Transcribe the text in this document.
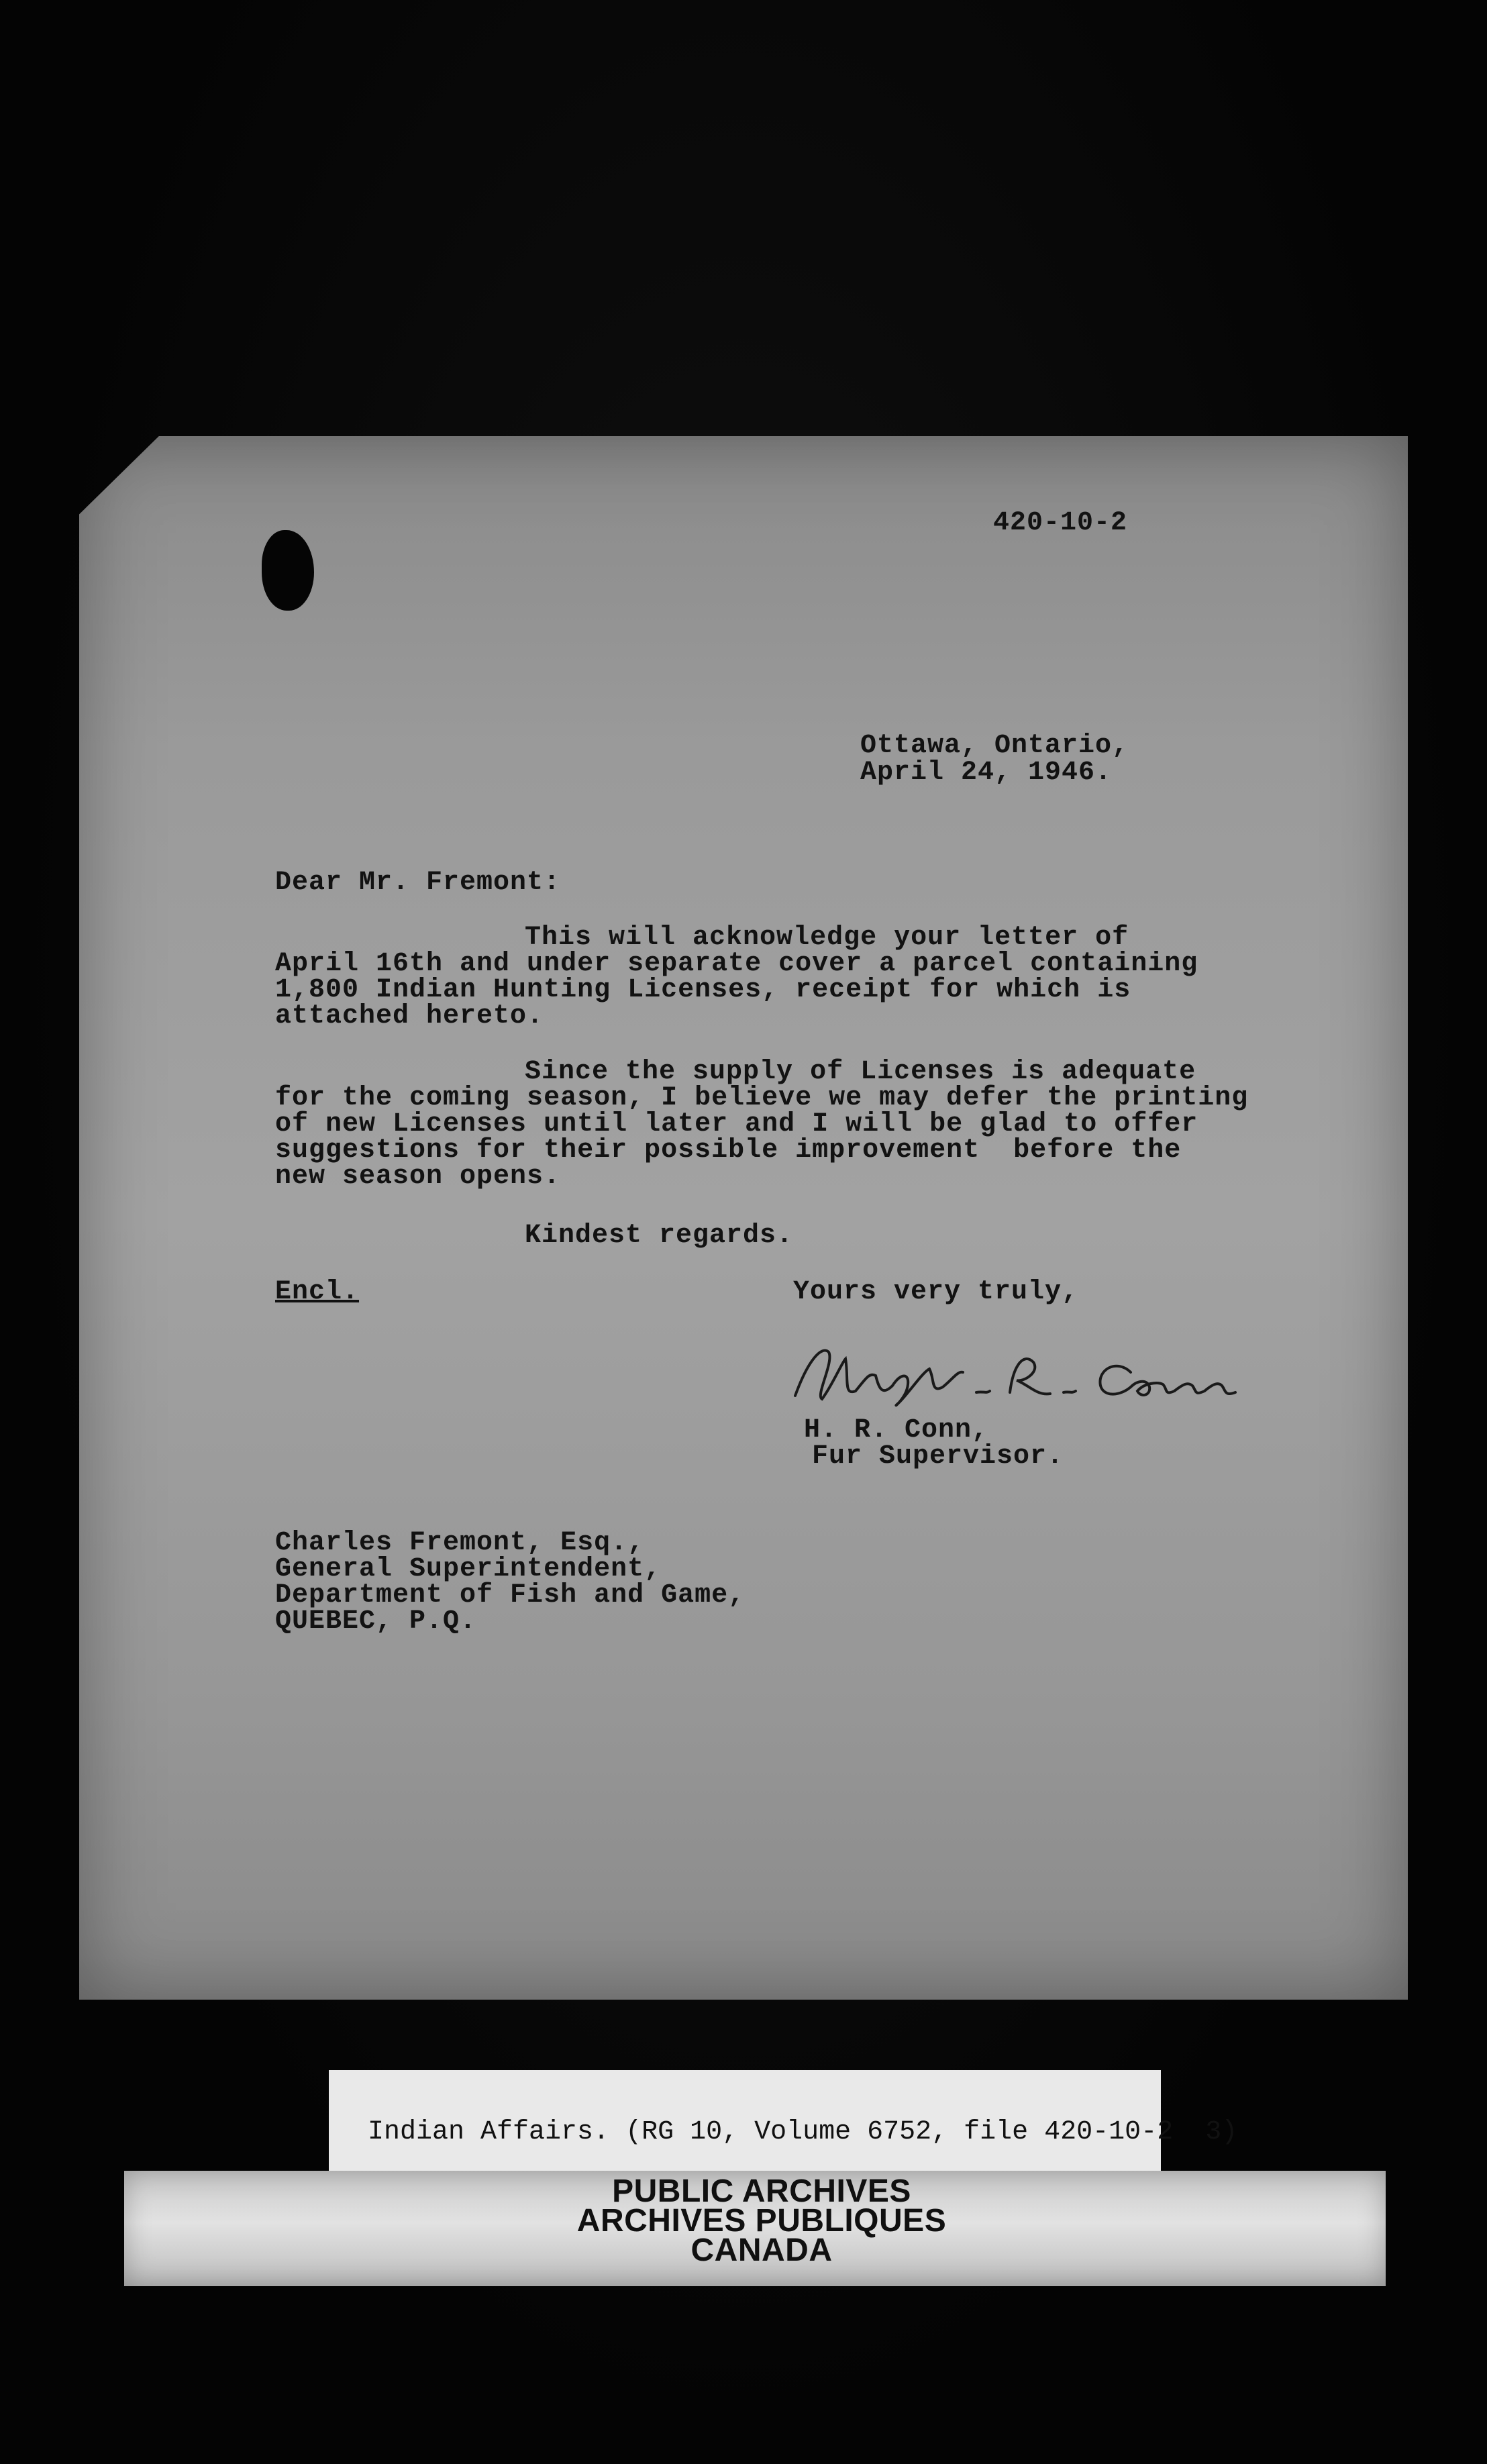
420-10-2
Ottawa, Ontario,
April 24, 1946.
Dear Mr. Fremont:
This will acknowledge your letter of
April 16th and under separate cover a parcel containing
1,800 Indian Hunting Licenses, receipt for which is
attached hereto.
Since the supply of Licenses is adequate
for the coming season, I believe we may defer the printing
of new Licenses until later and I will be glad to offer
suggestions for their possible improvement  before the
new season opens.
Kindest regards.
Encl.	Yours very truly,
H. R. Conn,
Fur Supervisor.
Charles Fremont, Esq.,
General Superintendent,
Department of Fish and Game,
QUEBEC, P.Q.
Indian Affairs. (RG 10, Volume 6752, file 420-10-2  3)
PUBLIC ARCHIVES
ARCHIVES PUBLIQUES
CANADA
